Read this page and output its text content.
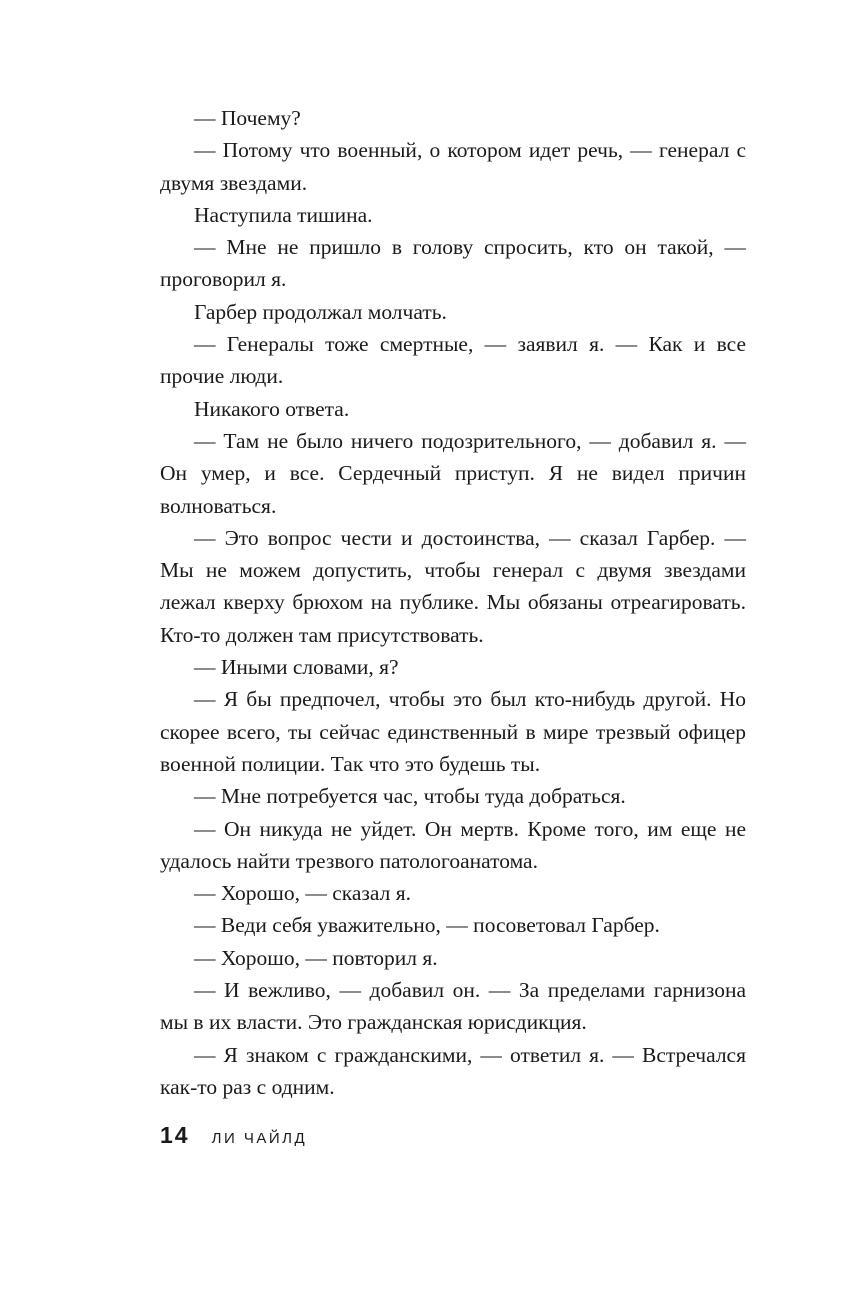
— Почему?

— Потому что военный, о котором идет речь, — генерал с двумя звездами.

Наступила тишина.

— Мне не пришло в голову спросить, кто он такой, — проговорил я.

Гарбер продолжал молчать.

— Генералы тоже смертные, — заявил я. — Как и все прочие люди.

Никакого ответа.

— Там не было ничего подозрительного, — добавил я. — Он умер, и все. Сердечный приступ. Я не видел причин волноваться.

— Это вопрос чести и достоинства, — сказал Гарбер. — Мы не можем допустить, чтобы генерал с двумя звездами лежал кверху брюхом на публике. Мы обязаны отреагировать. Кто-то должен там присутствовать.

— Иными словами, я?

— Я бы предпочел, чтобы это был кто-нибудь другой. Но скорее всего, ты сейчас единственный в мире трезвый офицер военной полиции. Так что это будешь ты.

— Мне потребуется час, чтобы туда добраться.

— Он никуда не уйдет. Он мертв. Кроме того, им еще не удалось найти трезвого патологоанатома.

— Хорошо, — сказал я.

— Веди себя уважительно, — посоветовал Гарбер.

— Хорошо, — повторил я.

— И вежливо, — добавил он. — За пределами гарнизона мы в их власти. Это гражданская юрисдикция.

— Я знаком с гражданскими, — ответил я. — Встречался как-то раз с одним.

14 ЛИ ЧАЙЛД
